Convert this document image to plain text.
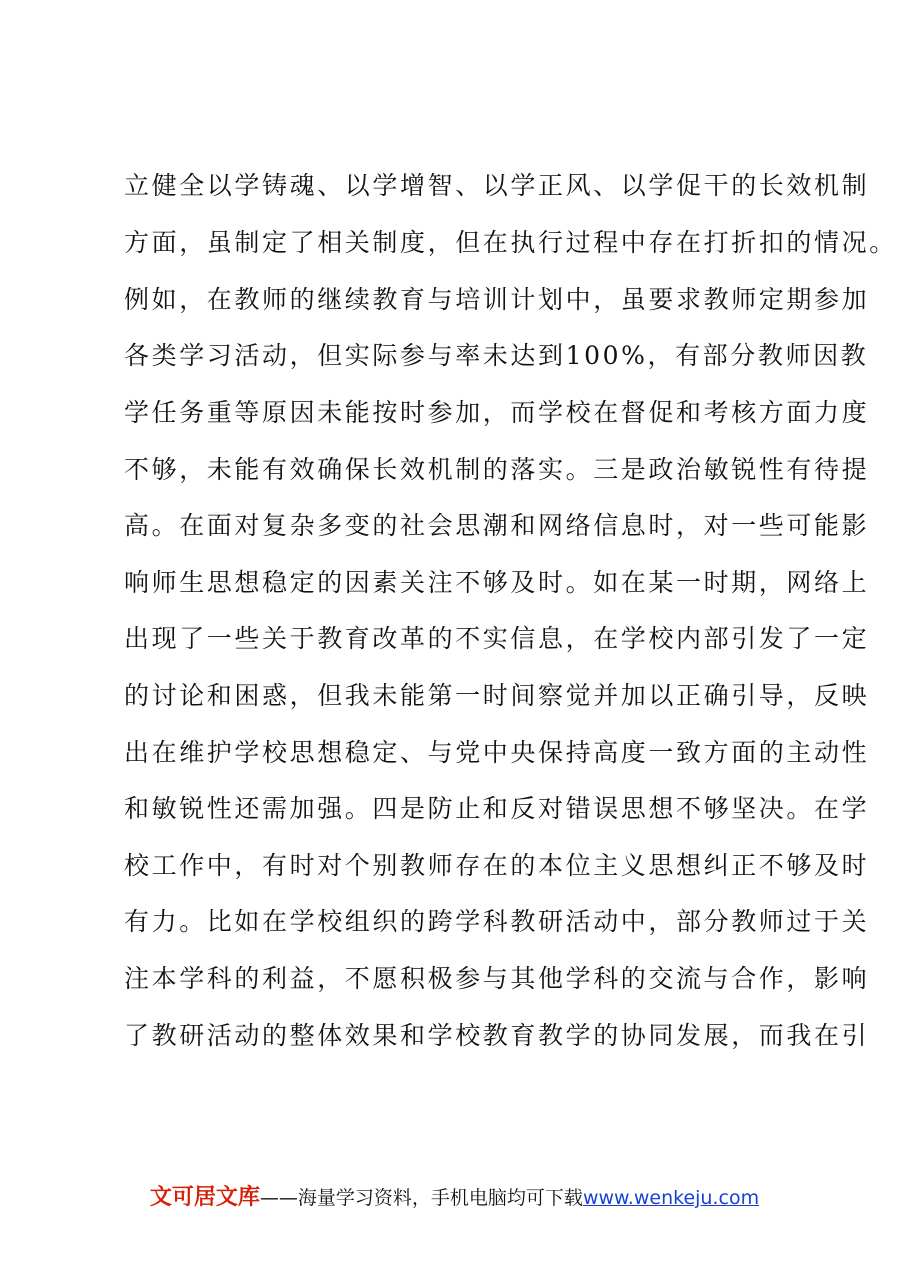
立健全以学铸魂、以学增智、以学正风、以学促干的长效机制
方面，虽制定了相关制度，但在执行过程中存在打折扣的情况。
例如，在教师的继续教育与培训计划中，虽要求教师定期参加
各类学习活动，但实际参与率未达到100%，有部分教师因教
学任务重等原因未能按时参加，而学校在督促和考核方面力度
不够，未能有效确保长效机制的落实。三是政治敏锐性有待提
高。在面对复杂多变的社会思潮和网络信息时，对一些可能影
响师生思想稳定的因素关注不够及时。如在某一时期，网络上
出现了一些关于教育改革的不实信息，在学校内部引发了一定
的讨论和困惑，但我未能第一时间察觉并加以正确引导，反映
出在维护学校思想稳定、与党中央保持高度一致方面的主动性
和敏锐性还需加强。四是防止和反对错误思想不够坚决。在学
校工作中，有时对个别教师存在的本位主义思想纠正不够及时
有力。比如在学校组织的跨学科教研活动中，部分教师过于关
注本学科的利益，不愿积极参与其他学科的交流与合作，影响
了教研活动的整体效果和学校教育教学的协同发展，而我在引
文可居文库——海量学习资料，手机电脑均可下载www.wenkeju.com
